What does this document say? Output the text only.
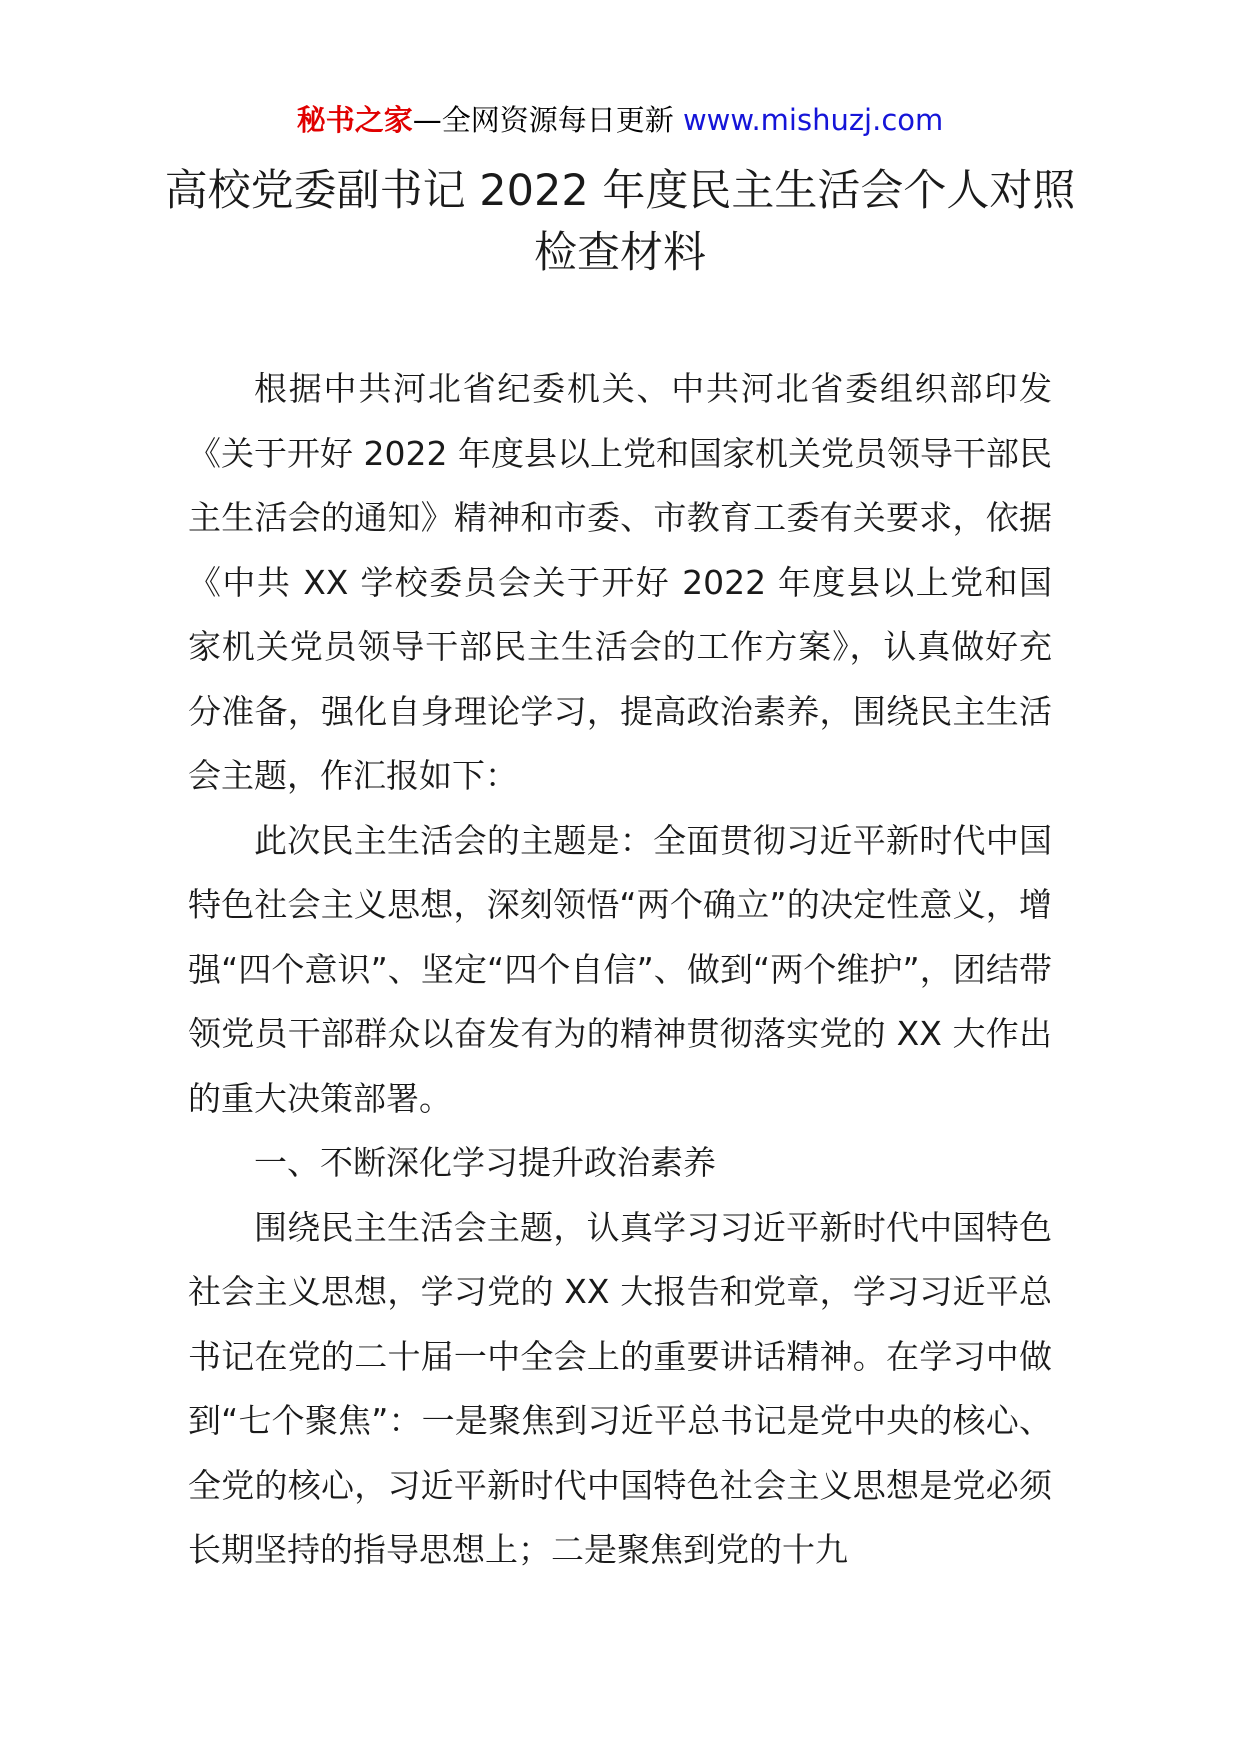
秘书之家—全网资源每日更新 www.mishuzj.com
高校党委副书记 2022 年度民主生活会个人对照检查材料

根据中共河北省纪委机关、中共河北省委组织部印发《关于开好 2022 年度县以上党和国家机关党员领导干部民主生活会的通知》精神和市委、市教育工委有关要求，依据《中共 XX 学校委员会关于开好 2022 年度县以上党和国家机关党员领导干部民主生活会的工作方案》，认真做好充分准备，强化自身理论学习，提高政治素养，围绕民主生活会主题，作汇报如下：

此次民主生活会的主题是：全面贯彻习近平新时代中国特色社会主义思想，深刻领悟“两个确立”的决定性意义，增强“四个意识”、坚定“四个自信”、做到“两个维护”，团结带领党员干部群众以奋发有为的精神贯彻落实党的 XX 大作出的重大决策部署。

一、不断深化学习提升政治素养

围绕民主生活会主题，认真学习习近平新时代中国特色社会主义思想，学习党的 XX 大报告和党章，学习习近平总书记在党的二十届一中全会上的重要讲话精神。在学习中做到“七个聚焦”：一是聚焦到习近平总书记是党中央的核心、全党的核心，习近平新时代中国特色社会主义思想是党必须长期坚持的指导思想上；二是聚焦到党的十九
